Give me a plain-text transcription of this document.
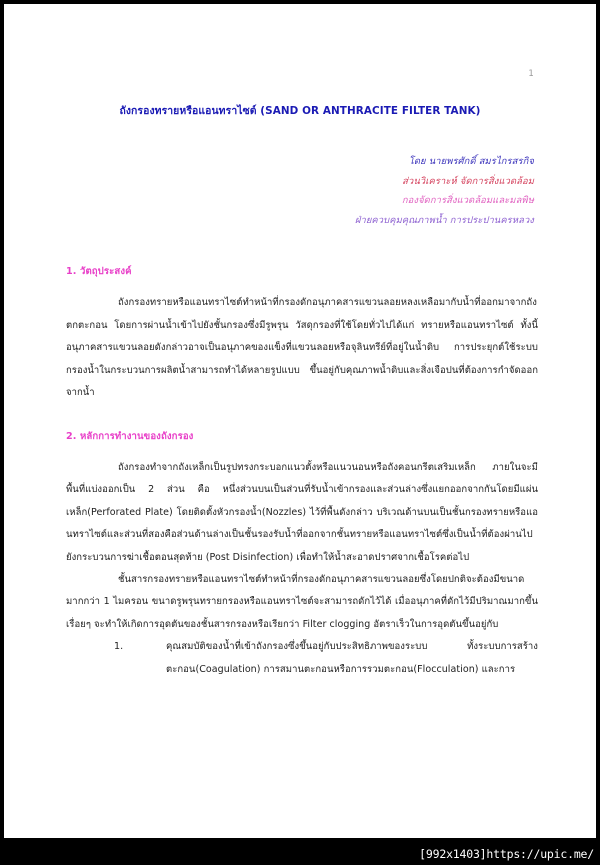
1
ถังกรองทรายหรือแอนทราไซต์ (SAND OR ANTHRACITE FILTER TANK)
โดย นายพรศักดิ์ สมรไกรสรกิจ
ส่วนวิเคราะห์ จัดการสิ่งแวดล้อม
กองจัดการสิ่งแวดล้อมและมลพิษ
ฝ่ายควบคุมคุณภาพน้ำ การประปานครหลวง
1. วัตถุประสงค์
ถังกรองทรายหรือแอนทราไซต์ทำหน้าที่กรองดักอนุภาคสารแขวนลอยหลงเหลือมากับน้ำที่ออกมาจากถังตกตะกอน โดยการผ่านน้ำเข้าไปยังชั้นกรองซึ่งมีรูพรุน วัสดุกรองที่ใช้โดยทั่วไปได้แก่ ทรายหรือแอนทราไซต์ ทั้งนี้อนุภาคสารแขวนลอยดังกล่าวอาจเป็นอนุภาคของแข็งที่แขวนลอยหรือจุลินทรีย์ที่อยู่ในน้ำดิบ การประยุกต์ใช้ระบบกรองน้ำในกระบวนการผลิตน้ำสามารถทำได้หลายรูปแบบ ขึ้นอยู่กับคุณภาพน้ำดิบและสิ่งเจือปนที่ต้องการกำจัดออกจากน้ำ
2. หลักการทำงานของถังกรอง
ถังกรองทำจากถังเหล็กเป็นรูปทรงกระบอกแนวตั้งหรือแนวนอนหรือถังคอนกรีตเสริมเหล็ก ภายในจะมีพื้นที่แบ่งออกเป็น 2 ส่วน คือ หนึ่งส่วนบนเป็นส่วนที่รับน้ำเข้ากรองและส่วนล่างซึ่งแยกออกจากกันโดยมีแผ่นเหล็ก(Perforated Plate) โดยติดตั้งหัวกรองน้ำ(Nozzles) ไว้ที่พื้นดังกล่าว บริเวณด้านบนเป็นชั้นกรองทรายหรือแอนทราไซต์และส่วนที่สองคือส่วนด้านล่างเป็นชั้นรองรับน้ำที่ออกจากชั้นทรายหรือแอนทราไซต์ซึ่งเป็นน้ำที่ต้องผ่านไปยังกระบวนการฆ่าเชื้อตอนสุดท้าย (Post Disinfection) เพื่อทำให้น้ำสะอาดปราศจากเชื้อโรคต่อไป
ชั้นสารกรองทรายหรือแอนทราไซต์ทำหน้าที่กรองดักอนุภาคสารแขวนลอยซึ่งโดยปกติจะต้องมีขนาดมากกว่า 1 ไมครอน ขนาดรูพรุนทรายกรองหรือแอนทราไซต์จะสามารถดักไว้ได้ เมื่ออนุภาคที่ดักไว้มีปริมาณมากขึ้นเรื่อยๆ จะทำให้เกิดการอุดตันของชั้นสารกรองหรือเรียกว่า Filter clogging อัตราเร็วในการอุดตันขึ้นอยู่กับ
1.	คุณสมบัติของน้ำที่เข้าถังกรองซึ่งขึ้นอยู่กับประสิทธิภาพของระบบ ทั้งระบบการสร้างตะกอน(Coagulation) การสมานตะกอนหรือการรวมตะกอน(Flocculation) และการ
[992x1403]https://upic.me/
